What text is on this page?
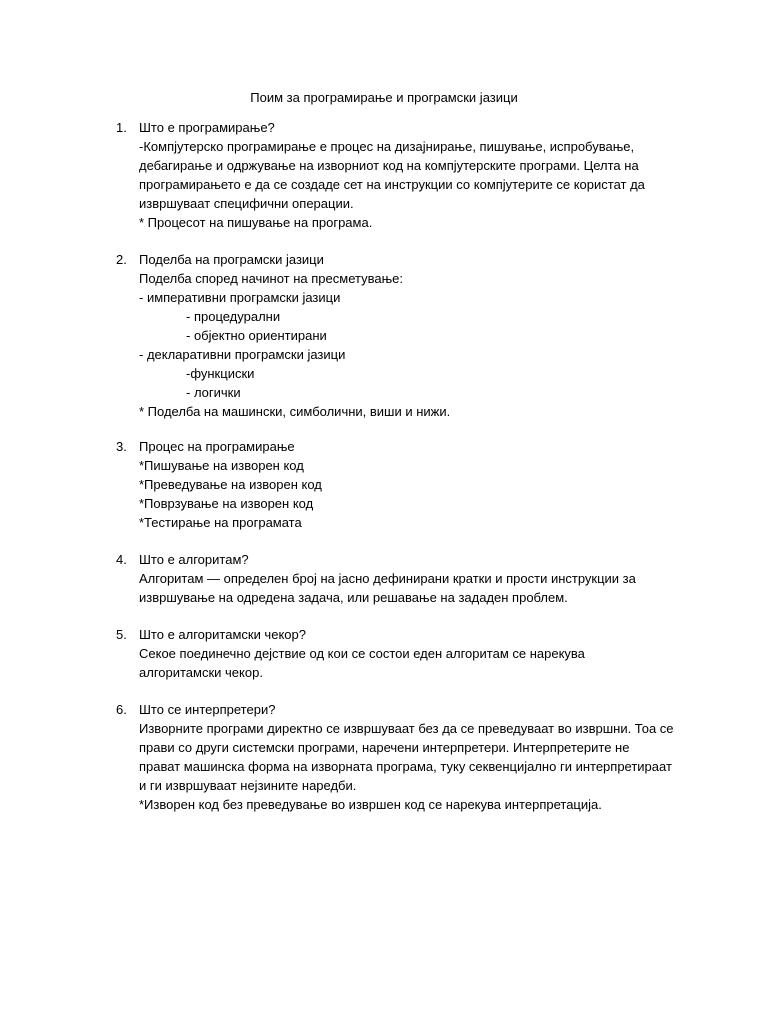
Поим за програмирање и програмски јазици
1. Што е програмирање?
-Компјутерско програмирање е процес на дизајнирање, пишување, испробување,
дебагирање и одржување на изворниот код на компјутерските програми. Целта на
програмирањето е да се создаде сет на инструкции со компјутерите се користат да
извршуваат специфични операции.
* Процесот на пишување на програма.
2. Поделба на програмски јазици
Поделба според начинот на пресметување:
- императивни програмски јазици
- процедурални
- објектно ориентирани
- декларативни програмски јазици
-функциски
- логички
* Поделба на машински, симболични, виши и нижи.
3. Процес на програмирање
*Пишување на изворен код
*Преведување на изворен код
*Поврзување на изворен код
*Тестирање на програмата
4. Што е алгоритам?
Алгоритам — определен број на јасно дефинирани кратки и прости инструкции за
извршување на одредена задача, или решавање на зададен проблем.
5. Што е алгоритамски чекор?
Секое поединечно дејствие од кои се состои еден алгоритам се нарекува
алгоритамски чекор.
6. Што се интерпретери?
Изворните програми директно се извршуваат без да се преведуваат во извршни. Тоа се
прави со други системски програми, наречени интерпретери. Интерпретерите не
прават машинска форма на изворната програма, туку секвенцијално ги интерпретираат
и ги извршуваат нејзините наредби.
*Изворен код без преведување во извршен код се нарекува интерпретација.
